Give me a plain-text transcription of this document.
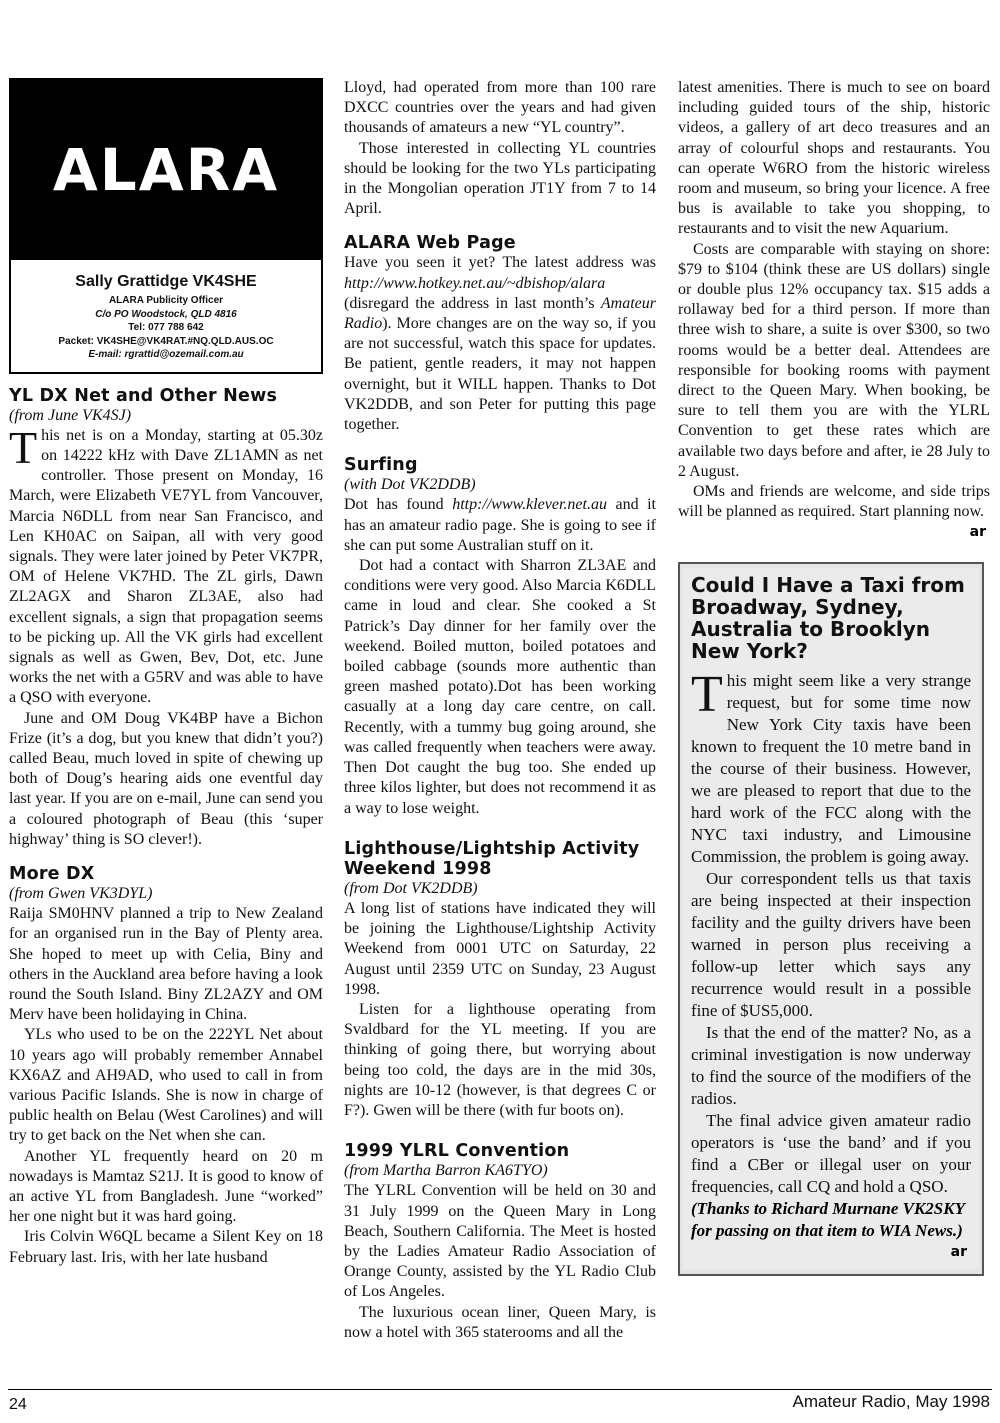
ALARA
Sally Grattidge VK4SHE
ALARA Publicity Officer
C/o PO Woodstock, QLD 4816
Tel: 077 788 642
Packet: VK4SHE@VK4RAT.#NQ.QLD.AUS.OC
E-mail: rgrattid@ozemail.com.au
YL DX Net and Other News
(from June VK4SJ)

This net is on a Monday, starting at 05.30z on 14222 kHz with Dave ZL1AMN as net controller. Those present on Monday, 16 March, were Elizabeth VE7YL from Vancouver, Marcia N6DLL from near San Francisco, and Len KH0AC on Saipan, all with very good signals. They were later joined by Peter VK7PR, OM of Helene VK7HD. The ZL girls, Dawn ZL2AGX and Sharon ZL3AE, also had excellent signals, a sign that propagation seems to be picking up. All the VK girls had excellent signals as well as Gwen, Bev, Dot, etc. June works the net with a G5RV and was able to have a QSO with everyone.

June and OM Doug VK4BP have a Bichon Frize (it’s a dog, but you knew that didn’t you?) called Beau, much loved in spite of chewing up both of Doug’s hearing aids one eventful day last year. If you are on e-mail, June can send you a coloured photograph of Beau (this ‘super highway’ thing is SO clever!).

More DX
(from Gwen VK3DYL)

Raija SM0HNV planned a trip to New Zealand for an organised run in the Bay of Plenty area. She hoped to meet up with Celia, Biny and others in the Auckland area before having a look round the South Island. Biny ZL2AZY and OM Merv have been holidaying in China.

YLs who used to be on the 222YL Net about 10 years ago will probably remember Annabel KX6AZ and AH9AD, who used to call in from various Pacific Islands. She is now in charge of public health on Belau (West Carolines) and will try to get back on the Net when she can.

Another YL frequently heard on 20 m nowadays is Mamtaz S21J. It is good to know of an active YL from Bangladesh. June “worked” her one night but it was hard going.

Iris Colvin W6QL became a Silent Key on 18 February last. Iris, with her late husband

Lloyd, had operated from more than 100 rare DXCC countries over the years and had given thousands of amateurs a new “YL country”.

Those interested in collecting YL countries should be looking for the two YLs participating in the Mongolian operation JT1Y from 7 to 14 April.

ALARA Web Page

Have you seen it yet? The latest address was http://www.hotkey.net.au/~dbishop/alara (disregard the address in last month’s Amateur Radio). More changes are on the way so, if you are not successful, watch this space for updates. Be patient, gentle readers, it may not happen overnight, but it WILL happen. Thanks to Dot VK2DDB, and son Peter for putting this page together.

Surfing
(with Dot VK2DDB)

Dot has found http://www.klever.net.au and it has an amateur radio page. She is going to see if she can put some Australian stuff on it.

Dot had a contact with Sharron ZL3AE and conditions were very good. Also Marcia K6DLL came in loud and clear. She cooked a St Patrick’s Day dinner for her family over the weekend. Boiled mutton, boiled potatoes and boiled cabbage (sounds more authentic than green mashed potato).Dot has been working casually at a long day care centre, on call. Recently, with a tummy bug going around, she was called frequently when teachers were away. Then Dot caught the bug too. She ended up three kilos lighter, but does not recommend it as a way to lose weight.

Lighthouse/Lightship Activity Weekend 1998
(from Dot VK2DDB)

A long list of stations have indicated they will be joining the Lighthouse/Lightship Activity Weekend from 0001 UTC on Saturday, 22 August until 2359 UTC on Sunday, 23 August 1998.

Listen for a lighthouse operating from Svaldbard for the YL meeting. If you are thinking of going there, but worrying about being too cold, the days are in the mid 30s, nights are 10-12 (however, is that degrees C or F?). Gwen will be there (with fur boots on).

1999 YLRL Convention
(from Martha Barron KA6TYO)

The YLRL Convention will be held on 30 and 31 July 1999 on the Queen Mary in Long Beach, Southern California. The Meet is hosted by the Ladies Amateur Radio Association of Orange County, assisted by the YL Radio Club of Los Angeles.

The luxurious ocean liner, Queen Mary, is now a hotel with 365 staterooms and all the

latest amenities. There is much to see on board including guided tours of the ship, historic videos, a gallery of art deco treasures and an array of colourful shops and restaurants. You can operate W6RO from the historic wireless room and museum, so bring your licence. A free bus is available to take you shopping, to restaurants and to visit the new Aquarium.

Costs are comparable with staying on shore: $79 to $104 (think these are US dollars) single or double plus 12% occupancy tax. $15 adds a rollaway bed for a third person. If more than three wish to share, a suite is over $300, so two rooms would be a better deal. Attendees are responsible for booking rooms with payment direct to the Queen Mary. When booking, be sure to tell them you are with the YLRL Convention to get these rates which are available two days before and after, ie 28 July to 2 August.

OMs and friends are welcome, and side trips will be planned as required. Start planning now.

ar
Could I Have a Taxi from Broadway, Sydney, Australia to Brooklyn New York?

This might seem like a very strange request, but for some time now New York City taxis have been known to frequent the 10 metre band in the course of their business. However, we are pleased to report that due to the hard work of the FCC along with the NYC taxi industry, and Limousine Commission, the problem is going away.

Our correspondent tells us that taxis are being inspected at their inspection facility and the guilty drivers have been warned in person plus receiving a follow-up letter which says any recurrence would result in a possible fine of $US5,000.

Is that the end of the matter? No, as a criminal investigation is now underway to find the source of the modifiers of the radios.

The final advice given amateur radio operators is ‘use the band’ and if you find a CBer or illegal user on your frequencies, call CQ and hold a QSO.

(Thanks to Richard Murnane VK2SKY for passing on that item to WIA News.)
ar
24	Amateur Radio, May 1998
